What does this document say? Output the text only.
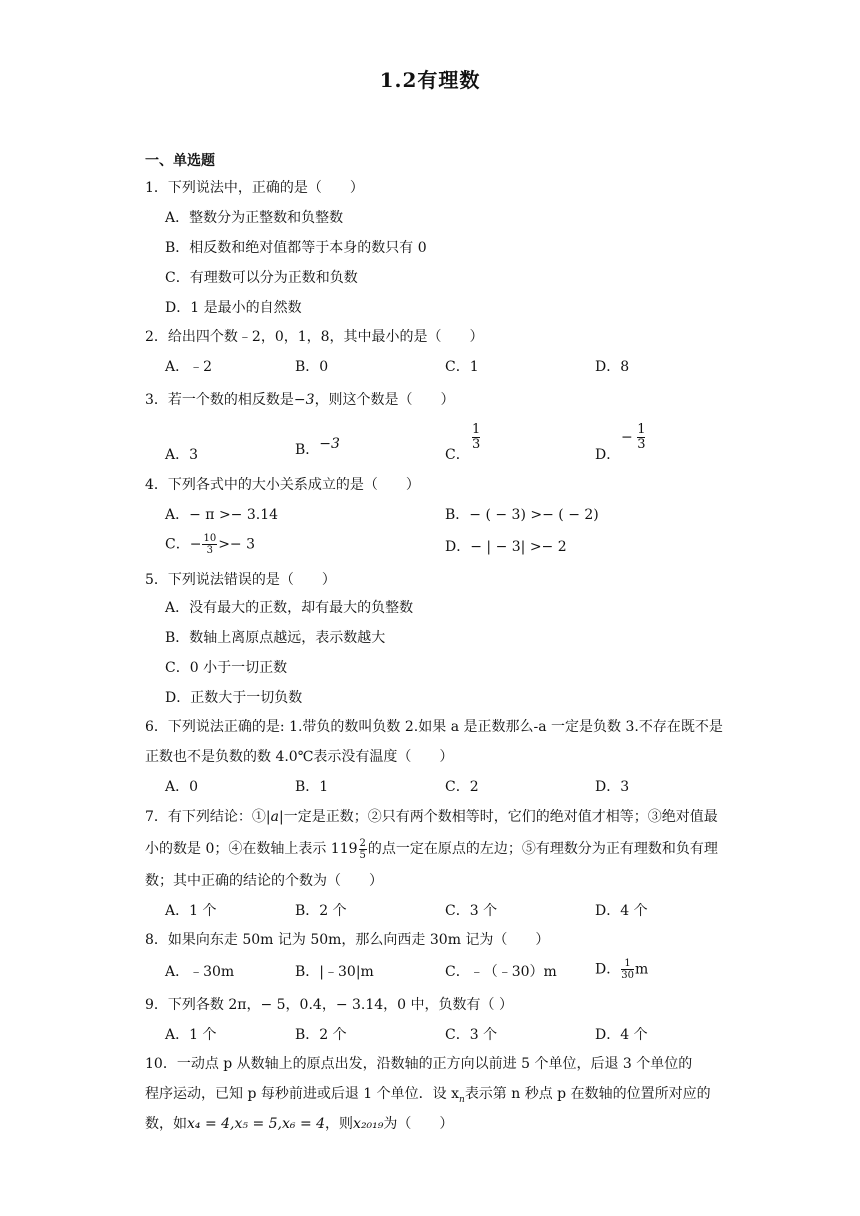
1.2有理数
一、单选题
1．下列说法中，正确的是（　　）
A．整数分为正整数和负整数
B．相反数和绝对值都等于本身的数只有 0
C．有理数可以分为正数和负数
D．1 是最小的自然数
2．给出四个数﹣2，0，1，8，其中最小的是（　　）
A．﹣2	B．0	C．1	D．8
3．若一个数的相反数是−3，则这个数是（　　）
A．3	B．−3
C．
$\frac{1}{3}$
D．
− $\frac{1}{3}$
4．下列各式中的大小关系成立的是（　　）
A．− π >− 3.14	B．− ( − 3) >− ( − 2)
C．− $\frac{10}{3} >- 3$	D．− | − 3| >− 2
5．下列说法错误的是（　　）
A．没有最大的正数，却有最大的负整数
B．数轴上离原点越远，表示数越大
C．0 小于一切正数
D．正数大于一切负数
6．下列说法正确的是: 1.带负的数叫负数 2.如果 a 是正数那么-a 一定是负数 3.不存在既不是正数也不是负数的数 4.0℃表示没有温度（　　）
A．0	B．1	C．2	D．3
7．有下列结论：①|a|一定是正数；②只有两个数相等时，它们的绝对值才相等；③绝对值最小的数是 0；④在数轴上表示 $119 \frac{2}{5}$ 的点一定在原点的左边；⑤有理数分为正有理数和负有理数；其中正确的结论的个数为（　　）
A．1 个	B．2 个	C．3 个	D．4 个
8．如果向东走 50m 记为 50m，那么向西走 30m 记为（　　）
A．﹣30m	B．|﹣30|m	C．﹣（﹣30）m	D． $\frac{1}{30}$ m
9．下列各数 2π，− 5，0.4̇，− 3.14，0 中，负数有（ ）
A．1 个	B．2 个	C．3 个	D．4 个
10．一动点 p 从数轴上的原点出发，沿数轴的正方向以前进 5 个单位，后退 3 个单位的
程序运动，已知 p 每秒前进或后退 1 个单位．设 $x_n$表示第 n 秒点 p 在数轴的位置所对应的
数，如x₄ = 4,x₅ = 5,x₆ = 4，则x₂₀₁₉为（　　）
